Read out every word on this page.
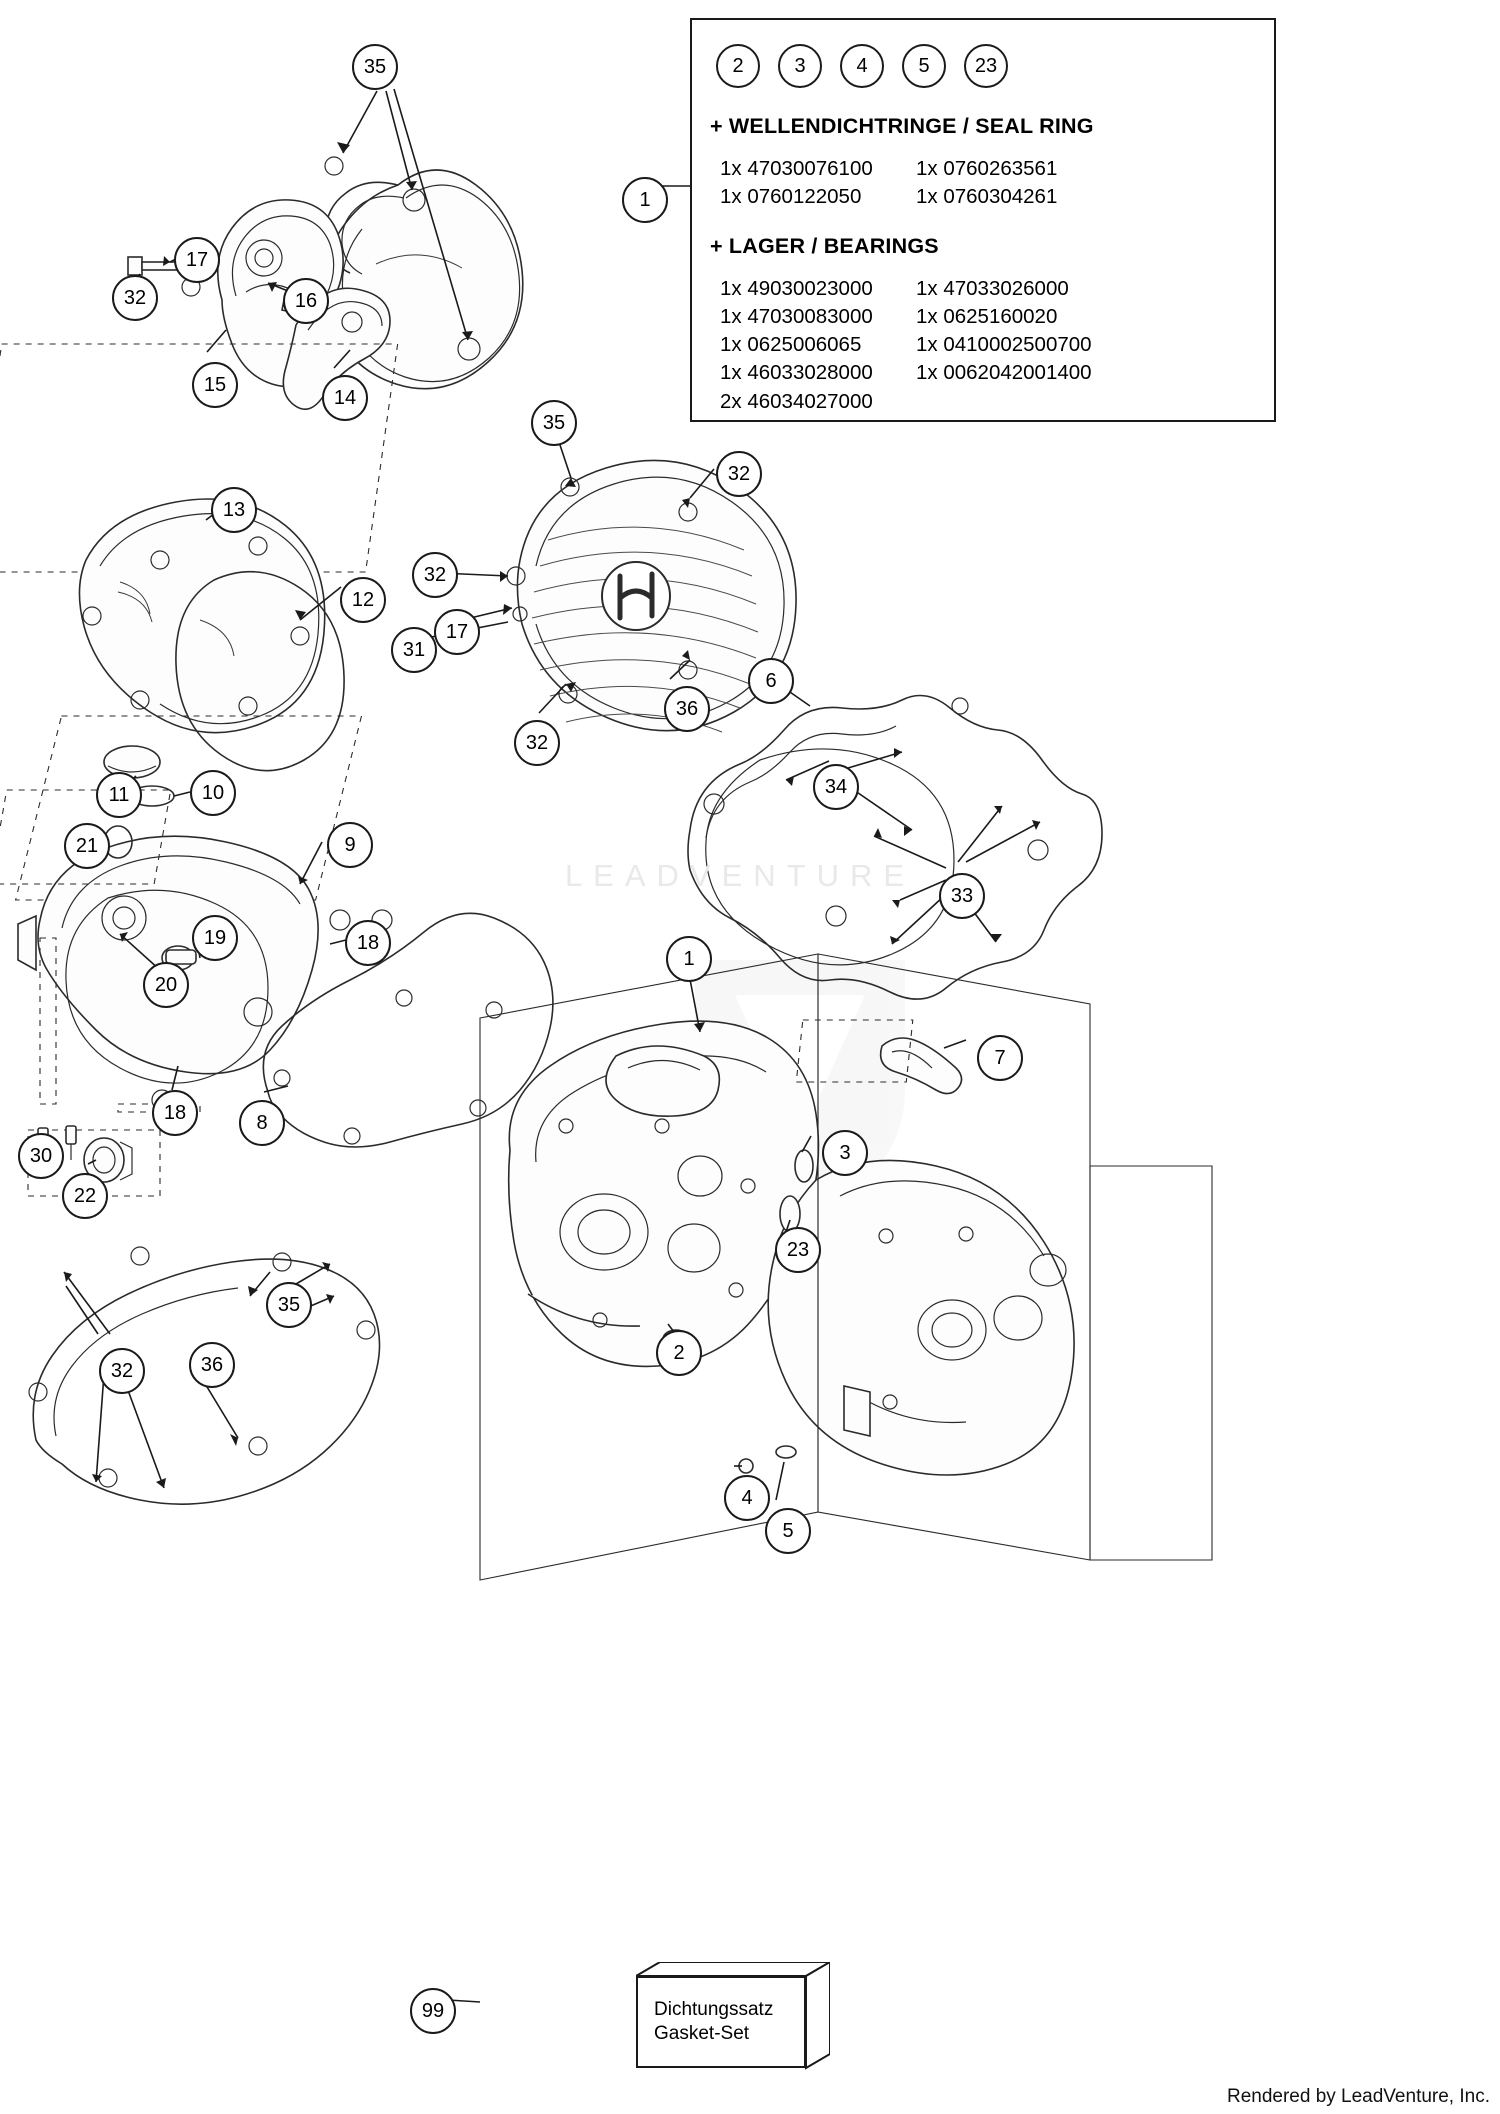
2	3	4	5	23
+ WELLENDICHTRINGE / SEAL RING
1x 47030076100	1x 0760263561
1x 0760122050	1x 0760304261
+ LAGER / BEARINGS
1x 49030023000	1x 47033026000
1x 47030083000	1x 0625160020
1x 0625006065	1x 0410002500700
1x 46033028000	1x 0062042001400
2x 46034027000
LEADVENTURE
Dichtungssatz
Gasket-Set
35
17
32	16
15
14
1
35
32
13
12
32
31
17
36
32
6
34
33
11	10
21	9
18
19
20
18	8
30
22
1
7
3
23
2
4
5
35
32	36
99
Rendered by LeadVenture, Inc.
